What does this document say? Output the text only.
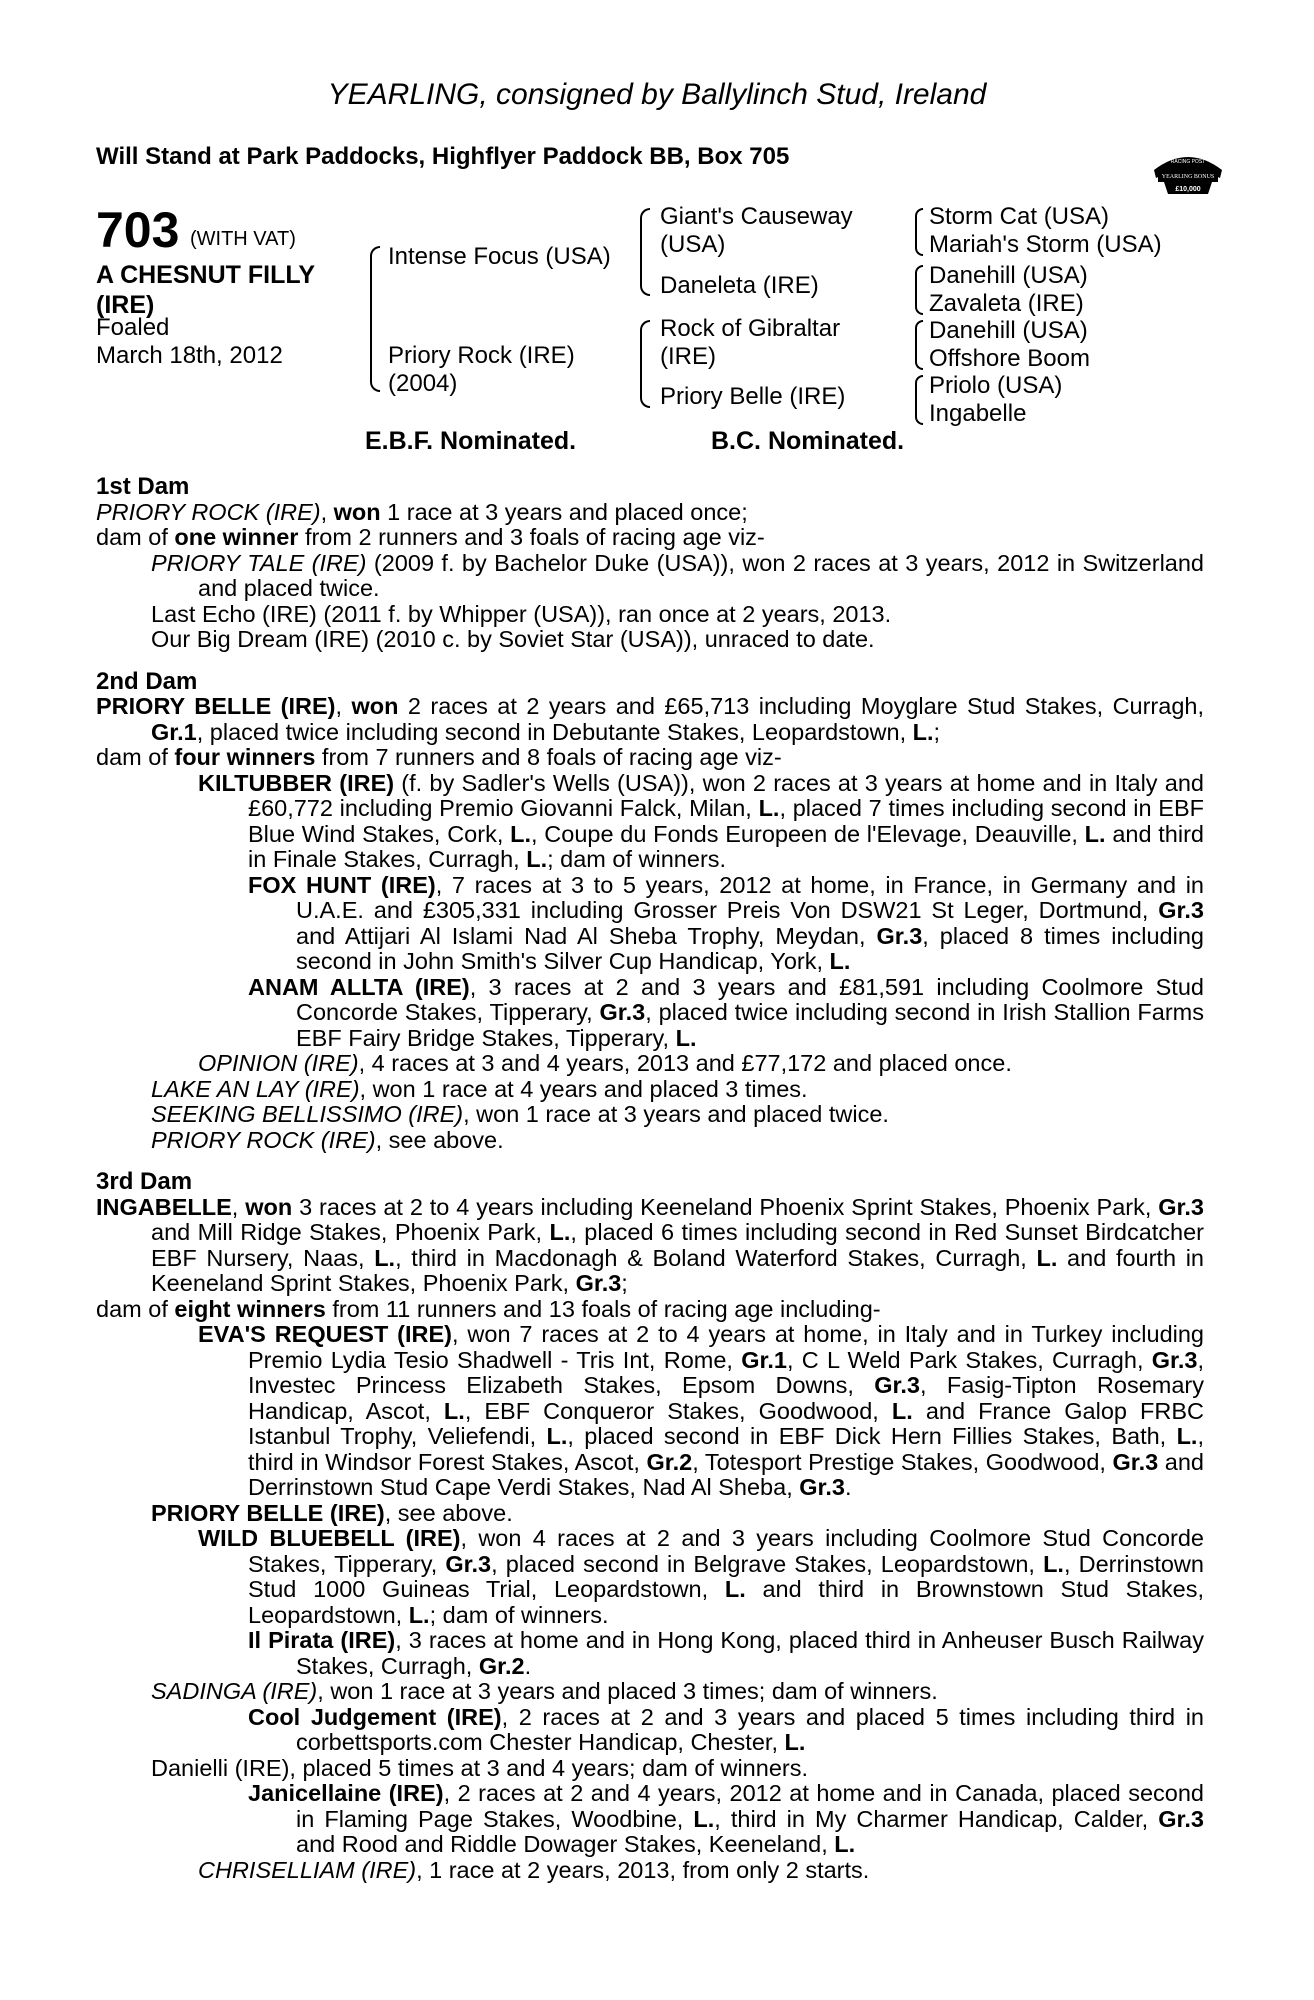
YEARLING, consigned by Ballylinch Stud, Ireland
Will Stand at Park Paddocks, Highflyer Paddock BB, Box 705	RACING POST
YEARLING BONUS
£10,000
703 (WITH VAT)
A CHESNUT FILLY
(IRE)
Foaled
March 18th, 2012
Intense Focus (USA)
Priory Rock (IRE)
(2004)
Giant's Causeway
(USA)
Daneleta (IRE)
Rock of Gibraltar
(IRE)
Priory Belle (IRE)
Storm Cat (USA)
Mariah's Storm (USA)
Danehill (USA)
Zavaleta (IRE)
Danehill (USA)
Offshore Boom
Priolo (USA)
Ingabelle
E.B.F. Nominated.	B.C. Nominated.
1st Dam
PRIORY ROCK (IRE), won 1 race at 3 years and placed once;
dam of one winner from 2 runners and 3 foals of racing age viz-
PRIORY TALE (IRE) (2009 f. by Bachelor Duke (USA)), won 2 races at 3 years, 2012 in Switzerland and placed twice.
Last Echo (IRE) (2011 f. by Whipper (USA)), ran once at 2 years, 2013.
Our Big Dream (IRE) (2010 c. by Soviet Star (USA)), unraced to date.
2nd Dam
PRIORY BELLE (IRE), won 2 races at 2 years and £65,713 including Moyglare Stud Stakes, Curragh, Gr.1, placed twice including second in Debutante Stakes, Leopardstown, L.;
dam of four winners from 7 runners and 8 foals of racing age viz-
KILTUBBER (IRE) (f. by Sadler's Wells (USA)), won 2 races at 3 years at home and in Italy and £60,772 including Premio Giovanni Falck, Milan, L., placed 7 times including second in EBF Blue Wind Stakes, Cork, L., Coupe du Fonds Europeen de l'Elevage, Deauville, L. and third in Finale Stakes, Curragh, L.; dam of winners.
FOX HUNT (IRE), 7 races at 3 to 5 years, 2012 at home, in France, in Germany and in U.A.E. and £305,331 including Grosser Preis Von DSW21 St Leger, Dortmund, Gr.3 and Attijari Al Islami Nad Al Sheba Trophy, Meydan, Gr.3, placed 8 times including second in John Smith's Silver Cup Handicap, York, L.
ANAM ALLTA (IRE), 3 races at 2 and 3 years and £81,591 including Coolmore Stud Concorde Stakes, Tipperary, Gr.3, placed twice including second in Irish Stallion Farms EBF Fairy Bridge Stakes, Tipperary, L.
OPINION (IRE), 4 races at 3 and 4 years, 2013 and £77,172 and placed once.
LAKE AN LAY (IRE), won 1 race at 4 years and placed 3 times.
SEEKING BELLISSIMO (IRE), won 1 race at 3 years and placed twice.
PRIORY ROCK (IRE), see above.
3rd Dam
INGABELLE, won 3 races at 2 to 4 years including Keeneland Phoenix Sprint Stakes, Phoenix Park, Gr.3 and Mill Ridge Stakes, Phoenix Park, L., placed 6 times including second in Red Sunset Birdcatcher EBF Nursery, Naas, L., third in Macdonagh & Boland Waterford Stakes, Curragh, L. and fourth in Keeneland Sprint Stakes, Phoenix Park, Gr.3;
dam of eight winners from 11 runners and 13 foals of racing age including-
EVA'S REQUEST (IRE), won 7 races at 2 to 4 years at home, in Italy and in Turkey including Premio Lydia Tesio Shadwell - Tris Int, Rome, Gr.1, C L Weld Park Stakes, Curragh, Gr.3, Investec Princess Elizabeth Stakes, Epsom Downs, Gr.3, Fasig-Tipton Rosemary Handicap, Ascot, L., EBF Conqueror Stakes, Goodwood, L. and France Galop FRBC Istanbul Trophy, Veliefendi, L., placed second in EBF Dick Hern Fillies Stakes, Bath, L., third in Windsor Forest Stakes, Ascot, Gr.2, Totesport Prestige Stakes, Goodwood, Gr.3 and Derrinstown Stud Cape Verdi Stakes, Nad Al Sheba, Gr.3.
PRIORY BELLE (IRE), see above.
WILD BLUEBELL (IRE), won 4 races at 2 and 3 years including Coolmore Stud Concorde Stakes, Tipperary, Gr.3, placed second in Belgrave Stakes, Leopardstown, L., Derrinstown Stud 1000 Guineas Trial, Leopardstown, L. and third in Brownstown Stud Stakes, Leopardstown, L.; dam of winners.
Il Pirata (IRE), 3 races at home and in Hong Kong, placed third in Anheuser Busch Railway Stakes, Curragh, Gr.2.
SADINGA (IRE), won 1 race at 3 years and placed 3 times; dam of winners.
Cool Judgement (IRE), 2 races at 2 and 3 years and placed 5 times including third in corbettsports.com Chester Handicap, Chester, L.
Danielli (IRE), placed 5 times at 3 and 4 years; dam of winners.
Janicellaine (IRE), 2 races at 2 and 4 years, 2012 at home and in Canada, placed second in Flaming Page Stakes, Woodbine, L., third in My Charmer Handicap, Calder, Gr.3 and Rood and Riddle Dowager Stakes, Keeneland, L.
CHRISELLIAM (IRE), 1 race at 2 years, 2013, from only 2 starts.
